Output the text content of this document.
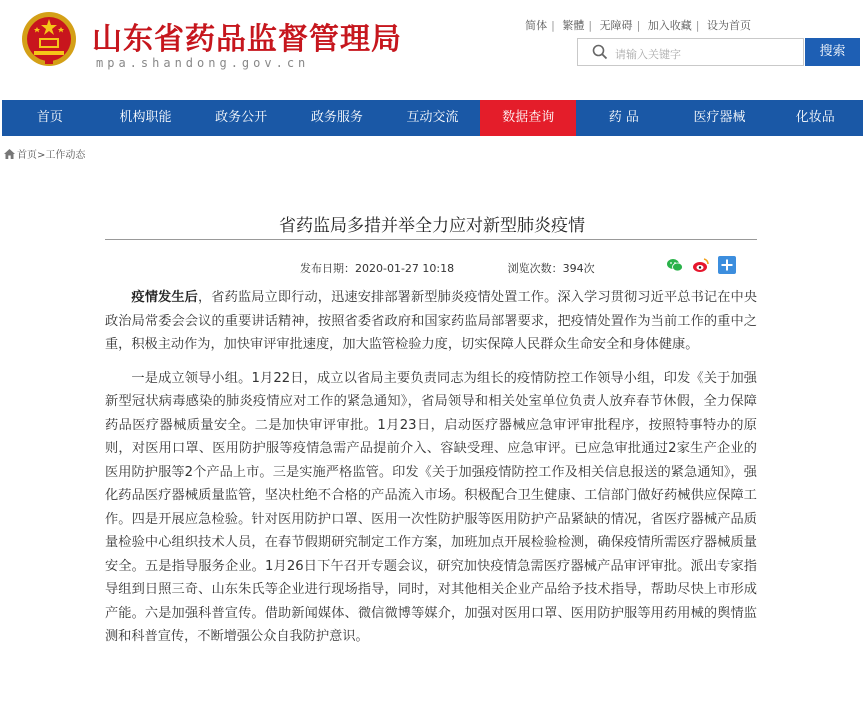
山东省药品监督管理局
mpa.shandong.gov.cn
简体 | 繁體 | 无障碍 | 加入收藏 | 设为首页
请输入关键字	搜索
首页	机构职能	政务公开	政务服务	互动交流	数据查询	药 品	医疗器械	化妆品
首页>工作动态
省药监局多措并举全力应对新型肺炎疫情
发布日期：2020-01-27 10:18	浏览次数：394次

疫情发生后，省药监局立即行动，迅速安排部署新型肺炎疫情处置工作。深入学习贯彻习近平总书记在中央政治局常委会会议的重要讲话精神，按照省委省政府和国家药监局部署要求，把疫情处置作为当前工作的重中之重，积极主动作为，加快审评审批速度，加大监管检验力度，切实保障人民群众生命安全和身体健康。

一是成立领导小组。1月22日，成立以省局主要负责同志为组长的疫情防控工作领导小组，印发《关于加强新型冠状病毒感染的肺炎疫情应对工作的紧急通知》，省局领导和相关处室单位负责人放弃春节休假，全力保障药品医疗器械质量安全。二是加快审评审批。1月23日，启动医疗器械应急审评审批程序，按照特事特办的原则，对医用口罩、医用防护服等疫情急需产品提前介入、容缺受理、应急审评。已应急审批通过2家生产企业的医用防护服等2个产品上市。三是实施严格监管。印发《关于加强疫情防控工作及相关信息报送的紧急通知》，强化药品医疗器械质量监管，坚决杜绝不合格的产品流入市场。积极配合卫生健康、工信部门做好药械供应保障工作。四是开展应急检验。针对医用防护口罩、医用一次性防护服等医用防护产品紧缺的情况，省医疗器械产品质量检验中心组织技术人员，在春节假期研究制定工作方案，加班加点开展检验检测，确保疫情所需医疗器械质量安全。五是指导服务企业。1月26日下午召开专题会议，研究加快疫情急需医疗器械产品审评审批。派出专家指导组到日照三奇、山东朱氏等企业进行现场指导，同时，对其他相关企业产品给予技术指导，帮助尽快上市形成产能。六是加强科普宣传。借助新闻媒体、微信微博等媒介，加强对医用口罩、医用防护服等用药用械的舆情监测和科普宣传，不断增强公众自我防护意识。
